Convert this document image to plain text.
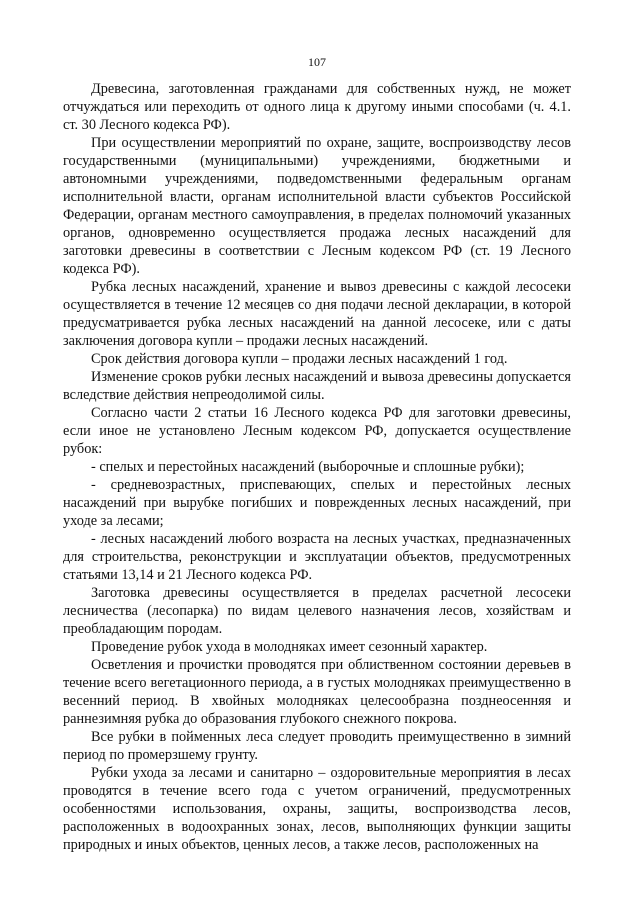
107

Древесина, заготовленная гражданами для собственных нужд, не может отчуждаться или переходить от одного лица к другому иными способами (ч. 4.1. ст. 30 Лесного кодекса РФ).

При осуществлении мероприятий по охране, защите, воспроизводству лесов государственными (муниципальными) учреждениями, бюджетными и автономными учреждениями, подведомственными федеральным органам исполнительной власти, органам исполнительной власти субъектов Российской Федерации, органам местного самоуправления, в пределах полномочий указанных органов, одновременно осуществляется продажа лесных насаждений для заготовки древесины в соответствии с Лесным кодексом РФ (ст. 19 Лесного кодекса РФ).

Рубка лесных насаждений, хранение и вывоз древесины с каждой лесосеки осуществляется в течение 12 месяцев со дня подачи лесной декларации, в которой предусматривается рубка лесных насаждений на данной лесосеке, или с даты заключения договора купли – продажи лесных насаждений.

Срок действия договора купли – продажи лесных насаждений 1 год.

Изменение сроков рубки лесных насаждений и вывоза древесины допускается вследствие действия непреодолимой силы.

Согласно части 2 статьи 16 Лесного кодекса РФ для заготовки древесины, если иное не установлено Лесным кодексом РФ, допускается осуществление рубок:

- спелых и перестойных насаждений (выборочные и сплошные рубки);

- средневозрастных, приспевающих, спелых и перестойных лесных насаждений при вырубке погибших и поврежденных лесных насаждений, при уходе за лесами;

- лесных насаждений любого возраста на лесных участках, предназначенных для строительства, реконструкции и эксплуатации объектов, предусмотренных статьями 13,14 и 21 Лесного кодекса РФ.

Заготовка древесины осуществляется в пределах расчетной лесосеки лесничества (лесопарка) по видам целевого назначения лесов, хозяйствам и преобладающим породам.

Проведение рубок ухода в молодняках имеет сезонный характер.

Осветления и прочистки проводятся при облиственном состоянии деревьев в течение всего вегетационного периода, а в густых молодняках преимущественно в весенний период. В хвойных молодняках целесообразна позднеосенняя и раннезимняя рубка до образования глубокого снежного покрова.

Все рубки в пойменных леса следует проводить преимущественно в зимний период по промерзшему грунту.

Рубки ухода за лесами и санитарно – оздоровительные мероприятия в лесах проводятся в течение всего года с учетом ограничений, предусмотренных особенностями использования, охраны, защиты, воспроизводства лесов, расположенных в водоохранных зонах, лесов, выполняющих функции защиты природных и иных объектов, ценных лесов, а также лесов, расположенных на
